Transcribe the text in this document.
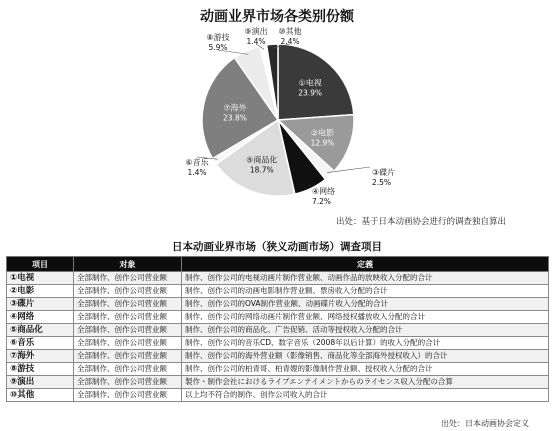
动画业界市场各类别份额
①电视
23.9%
②电影
12.9%
③碟片
2.5%
④网络
7.2%
⑤商品化
18.7%
⑥音乐
1.4%
⑦海外
23.8%
⑧游技
5.9%
⑨演出
1.4%
⑩其他
2.4%
出处：基于日本动画协会进行的调查独自算出
日本动画业界市场（狭义动画市场）调查项目
项目	对象	定義
①电视	全部制作、创作公司营业额	制作、创作公司的电视动画片制作营业额、动画作品的放映收入分配的合计
②电影	全部制作、创作公司营业额	制作、创作公司的动画电影制作营业额、票房收入分配的合计
③碟片	全部制作、创作公司营业额	制作、创作公司的OVA制作营业额、动画碟片收入分配的合计
④网络	全部制作、创作公司营业额	制作、创作公司的网络动画片制作营业额、网络授权播放收入分配的合计
⑤商品化	全部制作、创作公司营业额	制作、创作公司的商品化、广告促销、活动等授权收入分配的合计
⑥音乐	全部制作、创作公司营业额	制作、创作公司的音乐CD、数字音乐（2008年以后计算）的收入分配的合计
⑦海外	全部制作、创作公司营业额	制作、创作公司的海外营业额（影像销售、商品化等全部海外授权收入）的合计
⑧游技	全部制作、创作公司营业额	制作、创作公司的柏青哥、柏青嫂的影像制作营业额、授权收入分配的合计
⑨演出	全部制作、创作公司营业额	製作・制作会社におけるライブエンテイメントからのライセンス収入分配の合算
⑩其他	全部制作、创作公司营业额	以上均不符合的制作、创作公司收入的合计
出处：日本动画协会定义
